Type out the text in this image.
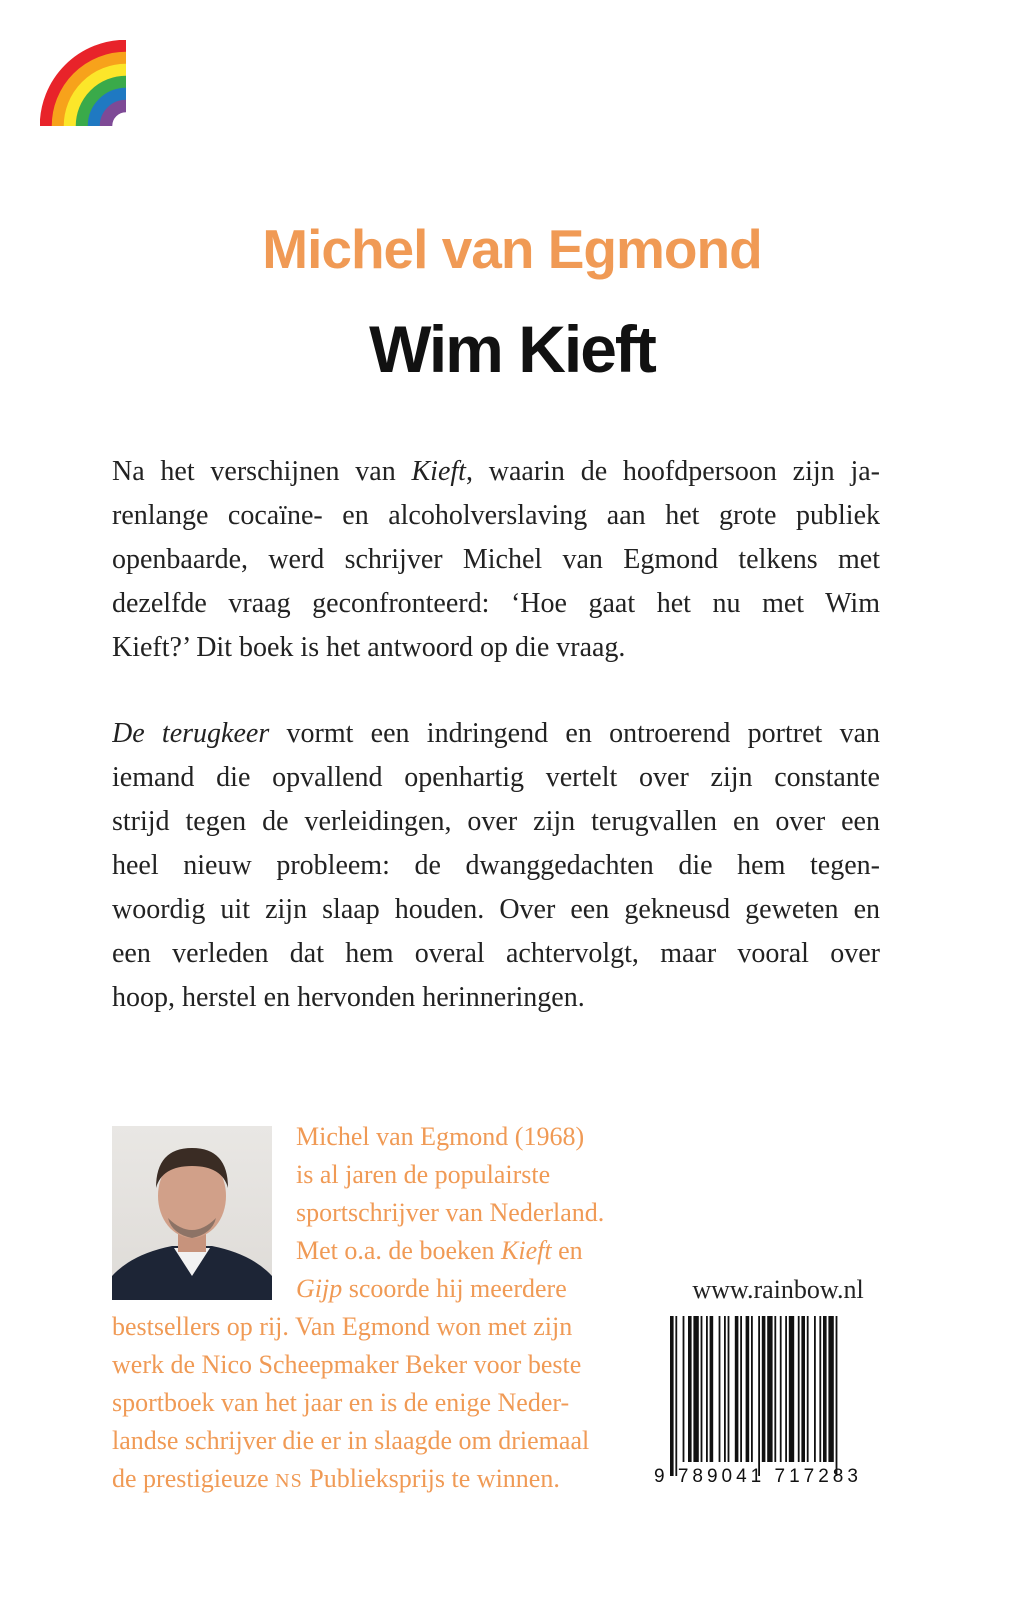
Michel van Egmond
Wim Kieft
Na het verschijnen van Kieft, waarin de hoofdpersoon zijn ja-
renlange cocaïne- en alcoholverslaving aan het grote publiek
openbaarde, werd schrijver Michel van Egmond telkens met
dezelfde vraag geconfronteerd: ‘Hoe gaat het nu met Wim
Kieft?’ Dit boek is het antwoord op die vraag.
De terugkeer vormt een indringend en ontroerend portret van
iemand die opvallend openhartig vertelt over zijn constante
strijd tegen de verleidingen, over zijn terugvallen en over een
heel nieuw probleem: de dwanggedachten die hem tegen-
woordig uit zijn slaap houden. Over een gekneusd geweten en
een verleden dat hem overal achtervolgt, maar vooral over
hoop, herstel en hervonden herinneringen.
Michel van Egmond (1968)
is al jaren de populairste
sportschrijver van Nederland.
Met o.a. de boeken Kieft en
Gijp scoorde hij meerdere
bestsellers op rij. Van Egmond won met zijn
werk de Nico Scheepmaker Beker voor beste
sportboek van het jaar en is de enige Neder-
landse schrijver die er in slaagde om driemaal
de prestigieuze NS Publieksprijs te winnen.
www.rainbow.nl
9 789041 717283
